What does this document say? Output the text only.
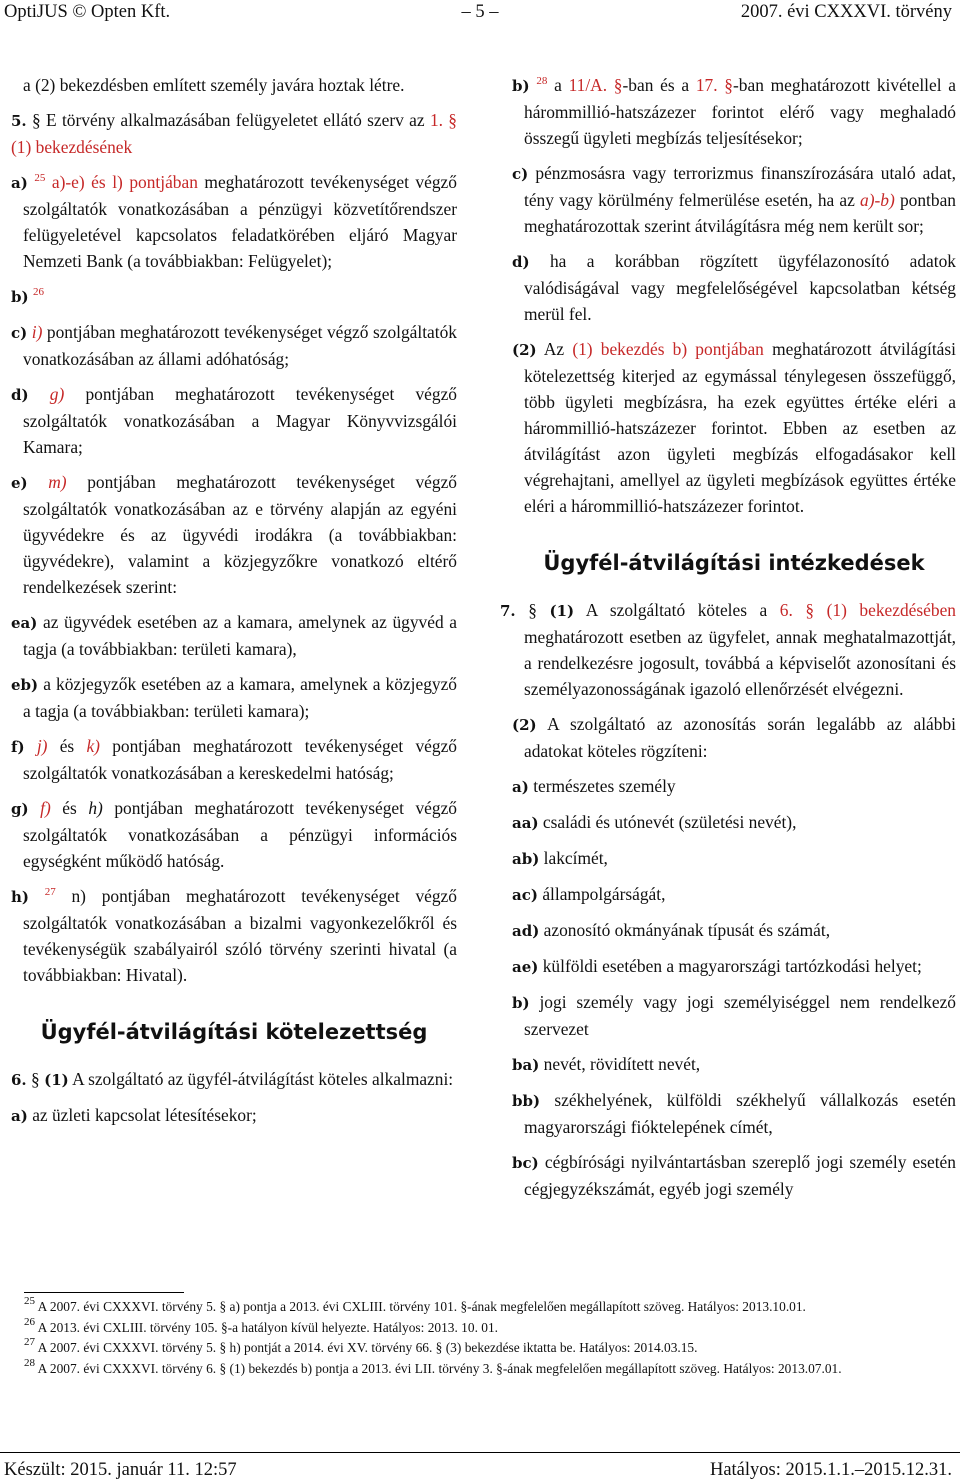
OptiJUS © Opten Kft.	– 5 –	2007. évi CXXXVI. törvény

a (2) bekezdésben említett személy javára hoztak létre.

5. § E törvény alkalmazásában felügyeletet ellátó szerv az 1. § (1) bekezdésének

a) $^{25}$ a)-e) és l) pontjában meghatározott tevékenységet végző szolgáltatók vonatkozásában a pénzügyi közvetítőrendszer felügyeletével kapcsolatos feladatkörében eljáró Magyar Nemzeti Bank (a továbbiakban: Felügyelet);

b) $^{26}$

c) i) pontjában meghatározott tevékenységet végző szolgáltatók vonatkozásában az állami adóhatóság;

d) g) pontjában meghatározott tevékenységet végző szolgáltatók vonatkozásában a Magyar Könyvvizsgálói Kamara;

e) m) pontjában meghatározott tevékenységet végző szolgáltatók vonatkozásában az e törvény alapján az egyéni ügyvédekre és az ügyvédi irodákra (a továbbiakban: ügyvédekre), valamint a közjegyzőkre vonatkozó eltérő rendelkezések szerint:

ea) az ügyvédek esetében az a kamara, amelynek az ügyvéd a tagja (a továbbiakban: területi kamara),

eb) a közjegyzők esetében az a kamara, amelynek a közjegyző a tagja (a továbbiakban: területi kamara);

f) j) és k) pontjában meghatározott tevékenységet végző szolgáltatók vonatkozásában a kereskedelmi hatóság;

g) f) és h) pontjában meghatározott tevékenységet végző szolgáltatók vonatkozásában a pénzügyi információs egységként működő hatóság.

h) $^{27}$ n) pontjában meghatározott tevékenységet végző szolgáltatók vonatkozásában a bizalmi vagyonkezelőkről és tevékenységük szabályairól szóló törvény szerinti hivatal (a továbbiakban: Hivatal).

Ügyfél-átvilágítási kötelezettség

6. § (1) A szolgáltató az ügyfél-átvilágítást köteles alkalmazni:

a) az üzleti kapcsolat létesítésekor;

b) $^{28}$ a 11/A. §-ban és a 17. §-ban meghatározott kivétellel a hárommillió-hatszázezer forintot elérő vagy meghaladó összegű ügyleti megbízás teljesítésekor;

c) pénzmosásra vagy terrorizmus finanszírozására utaló adat, tény vagy körülmény felmerülése esetén, ha az a)-b) pontban meghatározottak szerint átvilágításra még nem került sor;

d) ha a korábban rögzített ügyfélazonosító adatok valódiságával vagy megfelelőségével kapcsolatban kétség merül fel.

(2) Az (1) bekezdés b) pontjában meghatározott átvilágítási kötelezettség kiterjed az egymással ténylegesen összefüggő, több ügyleti megbízásra, ha ezek együttes értéke eléri a hárommillió-hatszázezer forintot. Ebben az esetben az átvilágítást azon ügyleti megbízás elfogadásakor kell végrehajtani, amellyel az ügyleti megbízások együttes értéke eléri a hárommillió-hatszázezer forintot.

Ügyfél-átvilágítási intézkedések

7. § (1) A szolgáltató köteles a 6. § (1) bekezdésében meghatározott esetben az ügyfelet, annak meghatalmazottját, a rendelkezésre jogosult, továbbá a képviselőt azonosítani és személyazonosságának igazoló ellenőrzését elvégezni.

(2) A szolgáltató az azonosítás során legalább az alábbi adatokat köteles rögzíteni:

a) természetes személy

aa) családi és utónevét (születési nevét),

ab) lakcímét,

ac) állampolgárságát,

ad) azonosító okmányának típusát és számát,

ae) külföldi esetében a magyarországi tartózkodási helyet;

b) jogi személy vagy jogi személyiséggel nem rendelkező szervezet

ba) nevét, rövidített nevét,

bb) székhelyének, külföldi székhelyű vállalkozás esetén magyarországi fióktelepének címét,

bc) cégbírósági nyilvántartásban szereplő jogi személy esetén cégjegyzékszámát, egyéb jogi személy

$^{25}$ A 2007. évi CXXXVI. törvény 5. § a) pontja a 2013. évi CXLIII. törvény 101. §-ának megfelelően megállapított szöveg. Hatályos: 2013.10.01.

$^{26}$ A 2013. évi CXLIII. törvény 105. §-a hatályon kívül helyezte. Hatályos: 2013. 10. 01.

$^{27}$ A 2007. évi CXXXVI. törvény 5. § h) pontját a 2014. évi XV. törvény 66. § (3) bekezdése iktatta be. Hatályos: 2014.03.15.

$^{28}$ A 2007. évi CXXXVI. törvény 6. § (1) bekezdés b) pontja a 2013. évi LII. törvény 3. §-ának megfelelően megállapított szöveg. Hatályos: 2013.07.01.

Készült: 2015. január 11. 12:57	Hatályos: 2015.1.1.–2015.12.31.
